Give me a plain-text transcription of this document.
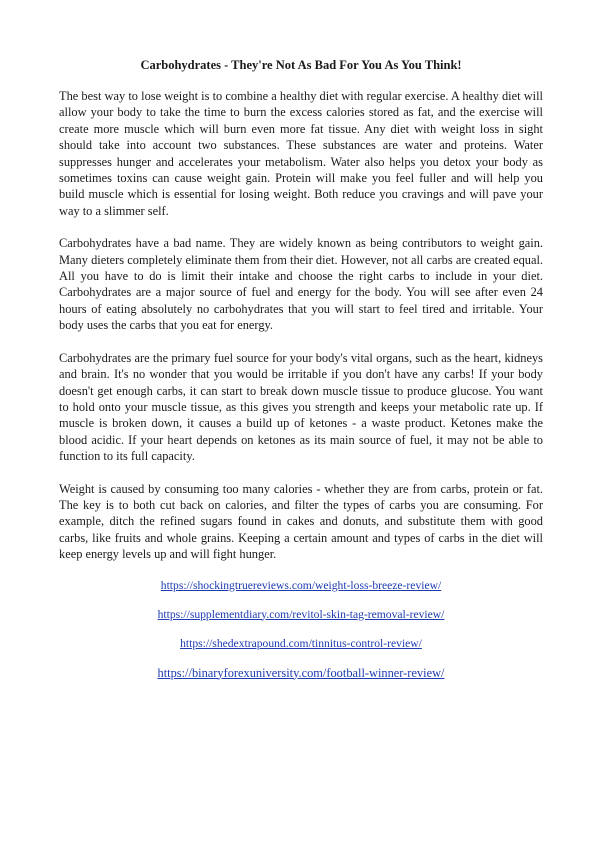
Carbohydrates - They're Not As Bad For You As You Think!

The best way to lose weight is to combine a healthy diet with regular exercise. A healthy diet will allow your body to take the time to burn the excess calories stored as fat, and the exercise will create more muscle which will burn even more fat tissue. Any diet with weight loss in sight should take into account two substances. These substances are water and proteins. Water suppresses hunger and accelerates your metabolism. Water also helps you detox your body as sometimes toxins can cause weight gain. Protein will make you feel fuller and will help you build muscle which is essential for losing weight. Both reduce you cravings and will pave your way to a slimmer self.

Carbohydrates have a bad name. They are widely known as being contributors to weight gain. Many dieters completely eliminate them from their diet. However, not all carbs are created equal. All you have to do is limit their intake and choose the right carbs to include in your diet. Carbohydrates are a major source of fuel and energy for the body. You will see after even 24 hours of eating absolutely no carbohydrates that you will start to feel tired and irritable. Your body uses the carbs that you eat for energy.

Carbohydrates are the primary fuel source for your body's vital organs, such as the heart, kidneys and brain. It's no wonder that you would be irritable if you don't have any carbs! If your body doesn't get enough carbs, it can start to break down muscle tissue to produce glucose. You want to hold onto your muscle tissue, as this gives you strength and keeps your metabolic rate up. If muscle is broken down, it causes a build up of ketones - a waste product. Ketones make the blood acidic. If your heart depends on ketones as its main source of fuel, it may not be able to function to its full capacity.

Weight is caused by consuming too many calories - whether they are from carbs, protein or fat. The key is to both cut back on calories, and filter the types of carbs you are consuming. For example, ditch the refined sugars found in cakes and donuts, and substitute them with good carbs, like fruits and whole grains. Keeping a certain amount and types of carbs in the diet will keep energy levels up and will fight hunger.

https://shockingtruereviews.com/weight-loss-breeze-review/
https://supplementdiary.com/revitol-skin-tag-removal-review/
https://shedextrapound.com/tinnitus-control-review/
https://binaryforexuniversity.com/football-winner-review/
